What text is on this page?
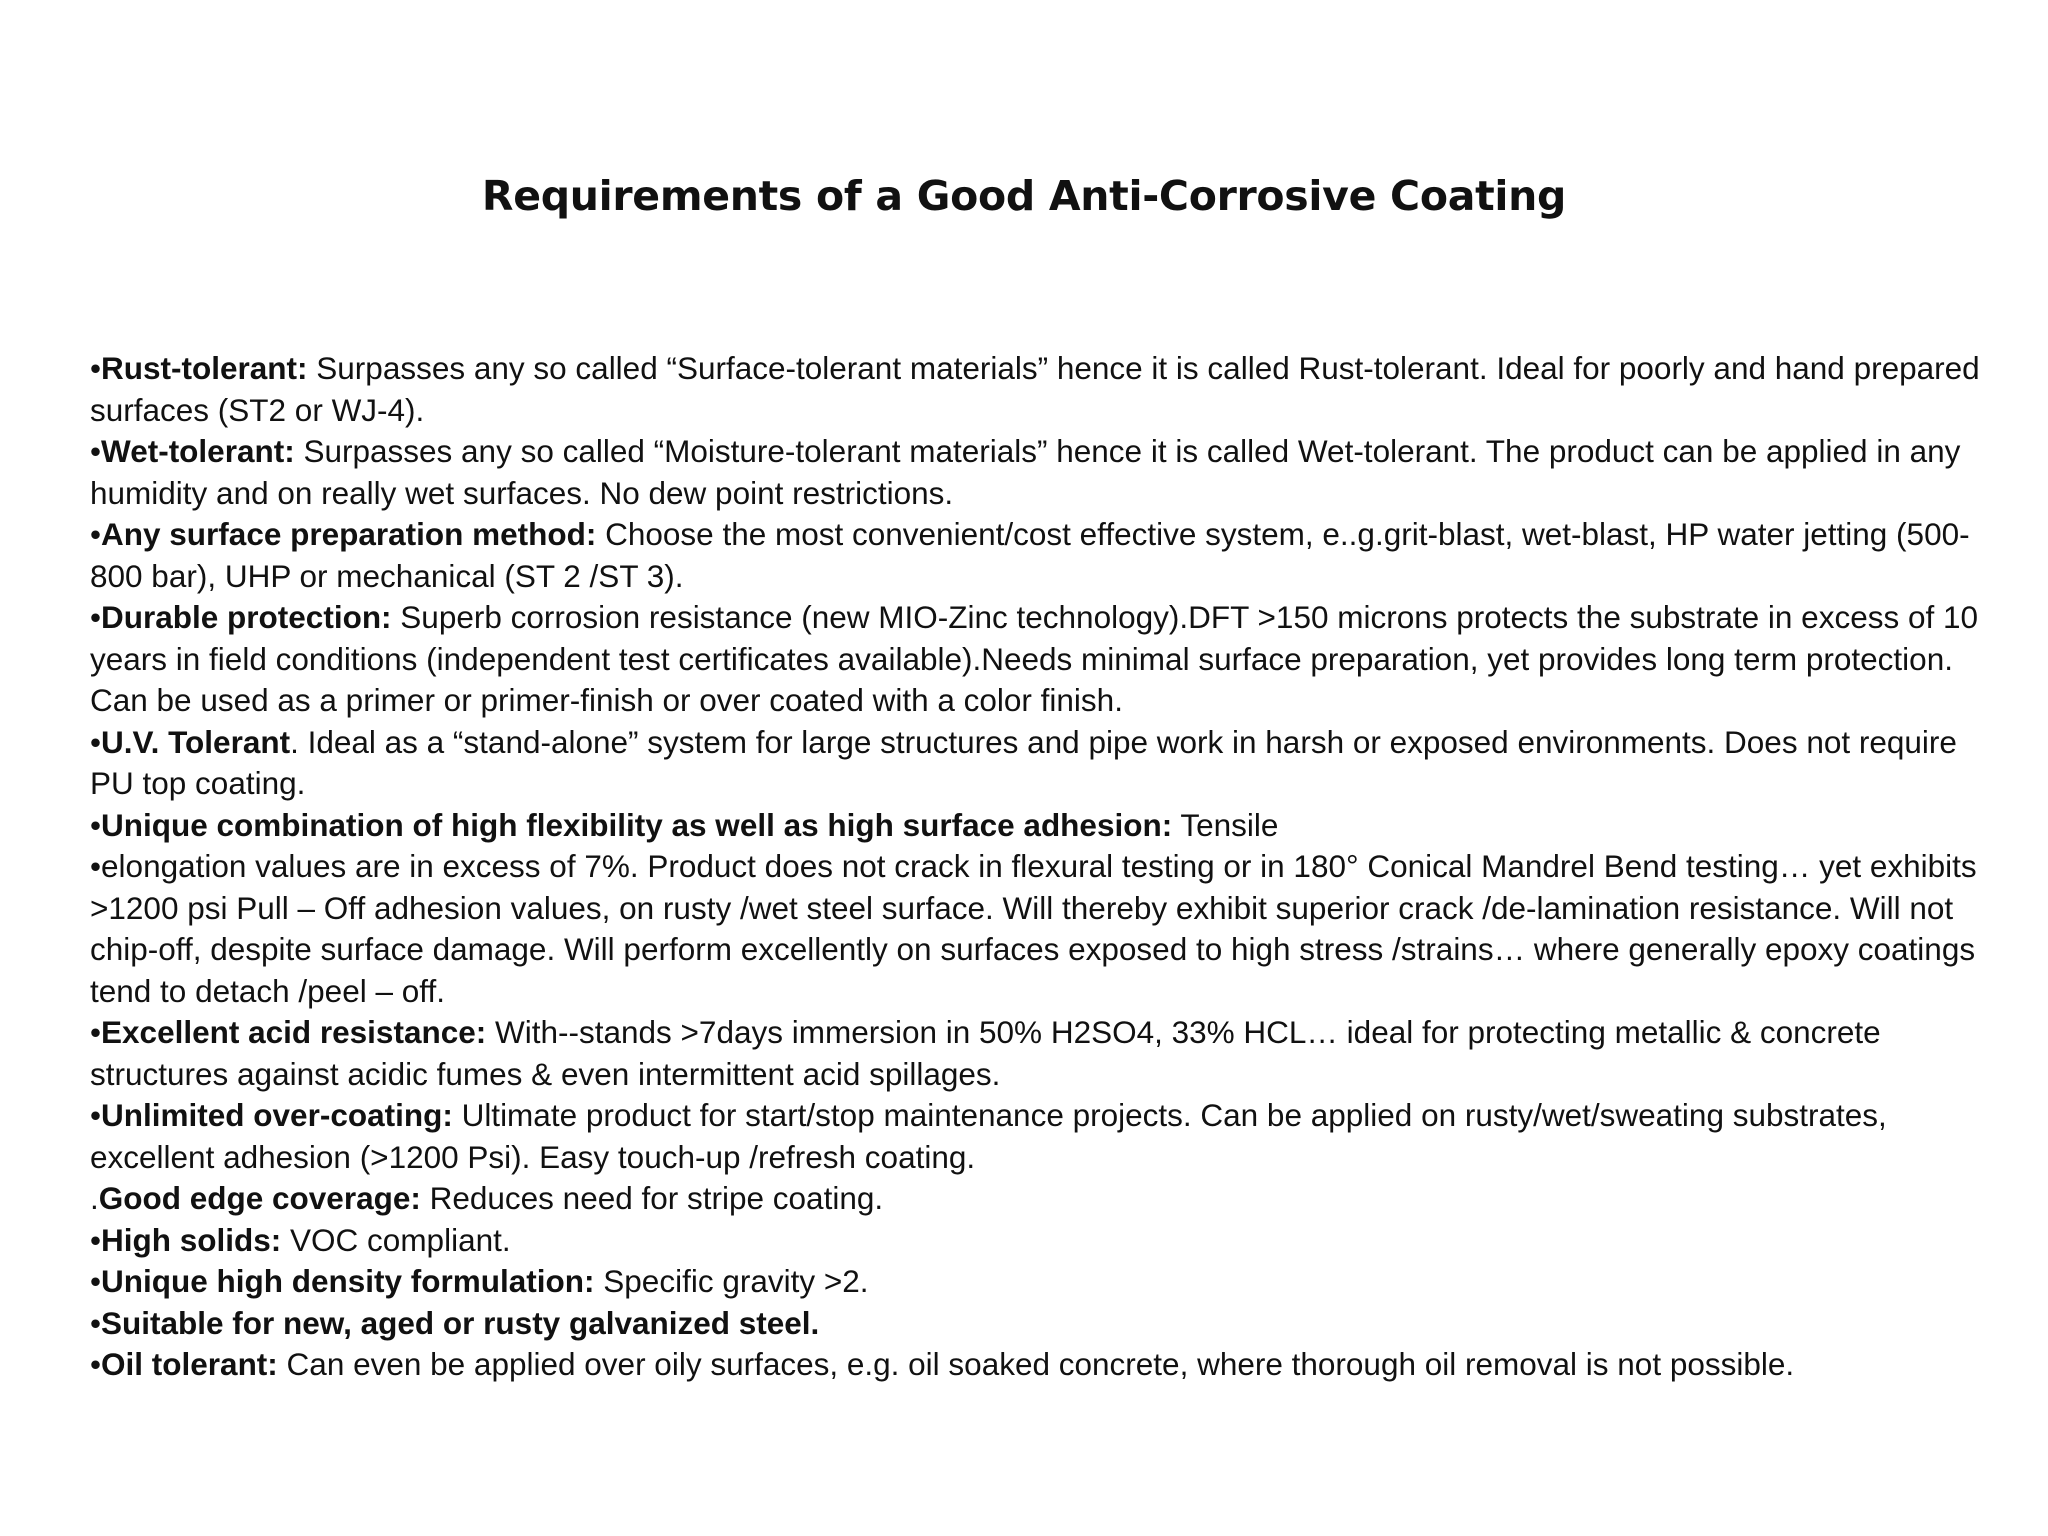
Requirements of a Good Anti-Corrosive Coating

•Rust-tolerant: Surpasses any so called “Surface-tolerant materials” hence it is called Rust-tolerant. Ideal for poorly and hand prepared surfaces (ST2 or WJ-4).

•Wet-tolerant: Surpasses any so called “Moisture-tolerant materials” hence it is called Wet-tolerant. The product can be applied in any humidity and on really wet surfaces. No dew point restrictions.

•Any surface preparation method: Choose the most convenient/cost effective system, e..g.grit-blast, wet-blast, HP water jetting (500-800 bar), UHP or mechanical (ST 2 /ST 3).

•Durable protection: Superb corrosion resistance (new MIO-Zinc technology).DFT >150 microns protects the substrate in excess of 10 years in field conditions (independent test certificates available).Needs minimal surface preparation, yet provides long term protection. Can be used as a primer or primer-finish or over coated with a color finish.

•U.V. Tolerant. Ideal as a “stand-alone” system for large structures and pipe work in harsh or exposed environments. Does not require PU top coating.

•Unique combination of high flexibility as well as high surface adhesion: Tensile

•elongation values are in excess of 7%. Product does not crack in flexural testing or in 180° Conical Mandrel Bend testing… yet exhibits >1200 psi Pull – Off adhesion values, on rusty /wet steel surface. Will thereby exhibit superior crack /de-lamination resistance. Will not chip-off, despite surface damage. Will perform excellently on surfaces exposed to high stress /strains… where generally epoxy coatings tend to detach /peel – off.

•Excellent acid resistance: With--stands >7days immersion in 50% H2SO4, 33% HCL… ideal for protecting metallic & concrete structures against acidic fumes & even intermittent acid spillages.

•Unlimited over-coating: Ultimate product for start/stop maintenance projects. Can be applied on rusty/wet/sweating substrates, excellent adhesion (>1200 Psi). Easy touch-up /refresh coating.

.Good edge coverage: Reduces need for stripe coating.

•High solids: VOC compliant.

•Unique high density formulation: Specific gravity >2.

•Suitable for new, aged or rusty galvanized steel.

•Oil tolerant: Can even be applied over oily surfaces, e.g. oil soaked concrete, where thorough oil removal is not possible.
